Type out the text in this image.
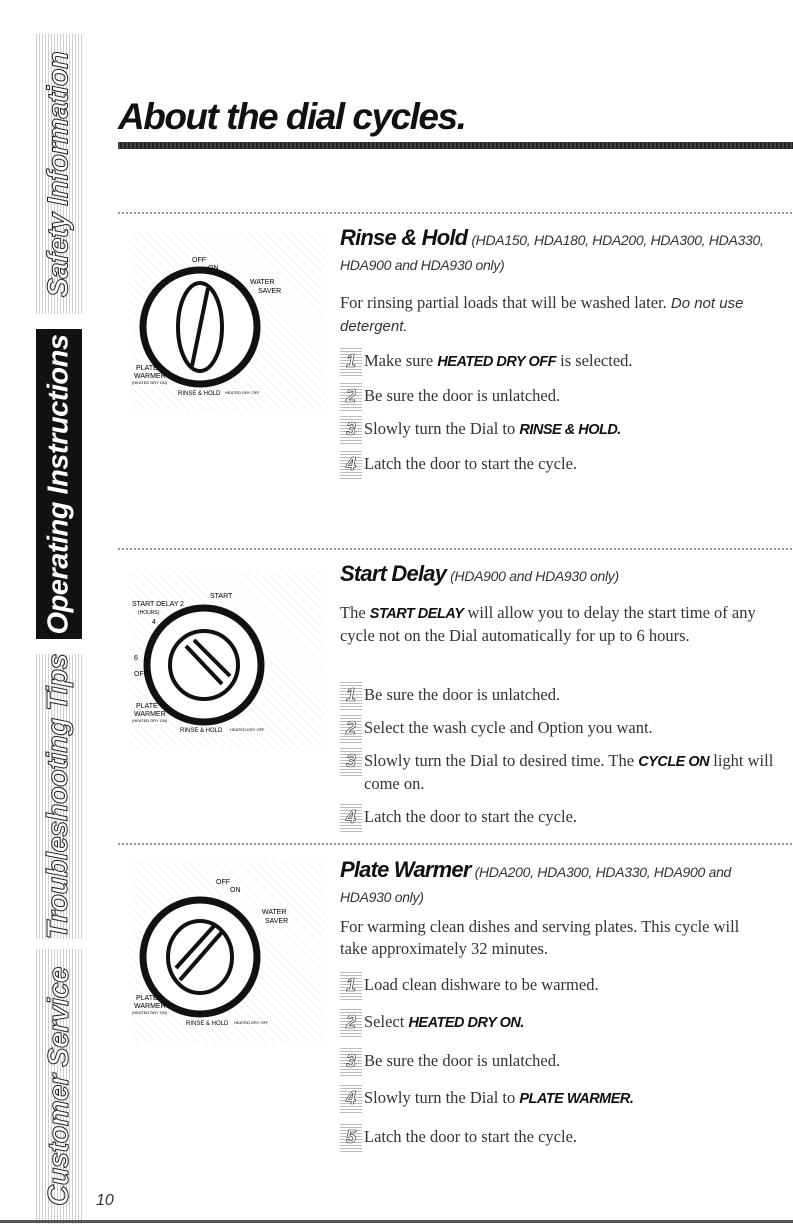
Safety Information
Operating Instructions
Troubleshooting Tips
Customer Service
About the dial cycles.
OFF
ON
WATER
SAVER
PLATE
WARMER
(HEATED DRY ON)
RINSE & HOLD HEATED DRY OFF

Rinse & Hold (HDA150, HDA180, HDA200, HDA300, HDA330, HDA900 and HDA930 only)

For rinsing partial loads that will be washed later. Do not use detergent.

1 Make sure HEATED DRY OFF is selected.
2 Be sure the door is unlatched.
3 Slowly turn the Dial to RINSE & HOLD.
4 Latch the door to start the cycle.
START DELAY
(HOURS)
START
2
4
6
OFF
PLATE
WARMER
(HEATED DRY ON)
RINSE & HOLD HEATED DRY OFF

Start Delay (HDA900 and HDA930 only)

The START DELAY will allow you to delay the start time of any cycle not on the Dial automatically for up to 6 hours.

1 Be sure the door is unlatched.
2 Select the wash cycle and Option you want.
3 Slowly turn the Dial to desired time. The CYCLE ON light will come on.
4 Latch the door to start the cycle.
OFF
ON
WATER
SAVER
PLATE
WARMER
(HEATED DRY ON)
RINSE & HOLD HEATED DRY OFF

Plate Warmer (HDA200, HDA300, HDA330, HDA900 and HDA930 only)

For warming clean dishes and serving plates. This cycle will take approximately 32 minutes.

1 Load clean dishware to be warmed.
2 Select HEATED DRY ON.
3 Be sure the door is unlatched.
4 Slowly turn the Dial to PLATE WARMER.
5 Latch the door to start the cycle.
10
